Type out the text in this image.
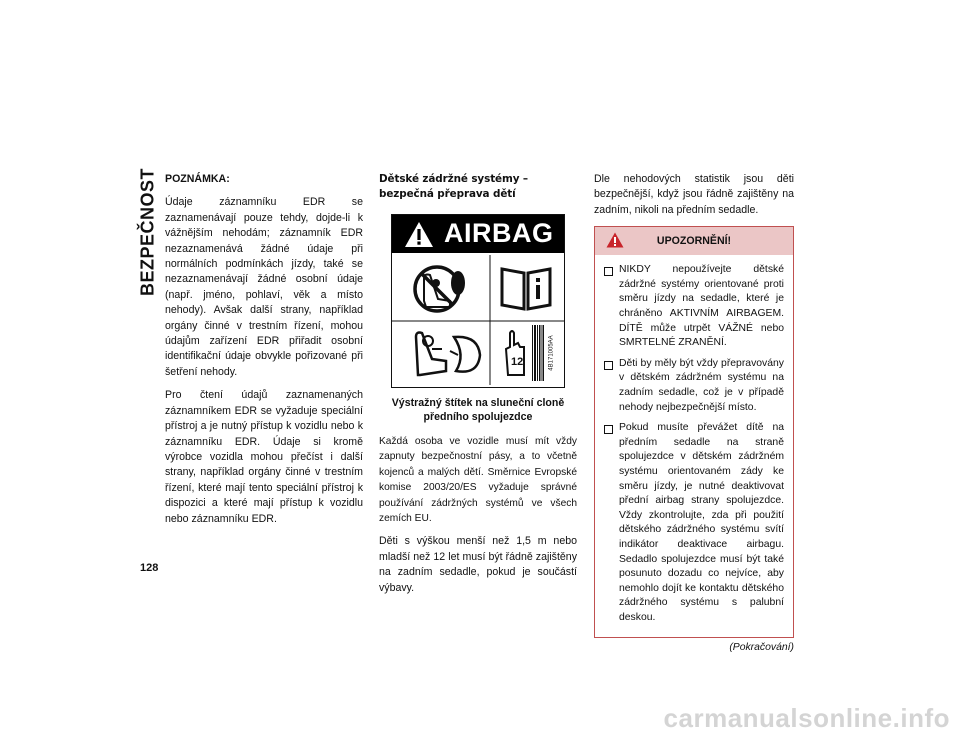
BEZPEČNOST
128

POZNÁMKA:

Údaje záznamníku EDR se zaznamenávají pouze tehdy, dojde-li k vážnějším nehodám; záznamník EDR nezaznamenává žádné údaje při normálních podmínkách jízdy, také se nezaznamenávají žádné osobní údaje (např. jméno, pohlaví, věk a místo nehody). Avšak další strany, například orgány činné v trestním řízení, mohou údajům zařízení EDR přiřadit osobní identifikační údaje obvykle pořizované při šetření nehody.

Pro čtení údajů zaznamenaných záznamníkem EDR se vyžaduje speciální přístroj a je nutný přístup k vozidlu nebo k záznamníku EDR. Údaje si kromě výrobce vozidla mohou přečíst i další strany, například orgány činné v trestním řízení, které mají tento speciální přístroj k dispozici a které mají přístup k vozidlu nebo záznamníku EDR.

Dětské zádržné systémy – bezpečná přeprava dětí
AIRBAG
12	4B171005AA
Výstražný štítek na sluneční cloně předního spolujezdce

Každá osoba ve vozidle musí mít vždy zapnuty bezpečnostní pásy, a to včetně kojenců a malých dětí. Směrnice Evropské komise 2003/20/ES vyžaduje správné používání zádržných systémů ve všech zemích EU.

Děti s výškou menší než 1,5 m nebo mladší než 12 let musí být řádně zajištěny na zadním sedadle, pokud je součástí výbavy.

Dle nehodových statistik jsou děti bezpečnější, když jsou řádně zajištěny na zadním, nikoli na předním sedadle.

UPOZORNĚNÍ!
NIKDY nepoužívejte dětské zádržné systémy orientované proti směru jízdy na sedadle, které je chráněno AKTIVNÍM AIRBAGEM. DÍTĚ může utrpět VÁŽNÉ nebo SMRTELNÉ ZRANĚNÍ.
Děti by měly být vždy přepravovány v dětském zádržném systému na zadním sedadle, což je v případě nehody nejbezpečnější místo.
Pokud musíte převážet dítě na předním sedadle na straně spolujezdce v dětském zádržném systému orientovaném zády ke směru jízdy, je nutné deaktivovat přední airbag strany spolujezdce. Vždy zkontrolujte, zda při použití dětského zádržného systému svítí indikátor deaktivace airbagu. Sedadlo spolujezdce musí být také posunuto dozadu co nejvíce, aby nemohlo dojít ke kontaktu dětského zádržného systému s palubní deskou.
(Pokračování)
carmanualsonline.info
